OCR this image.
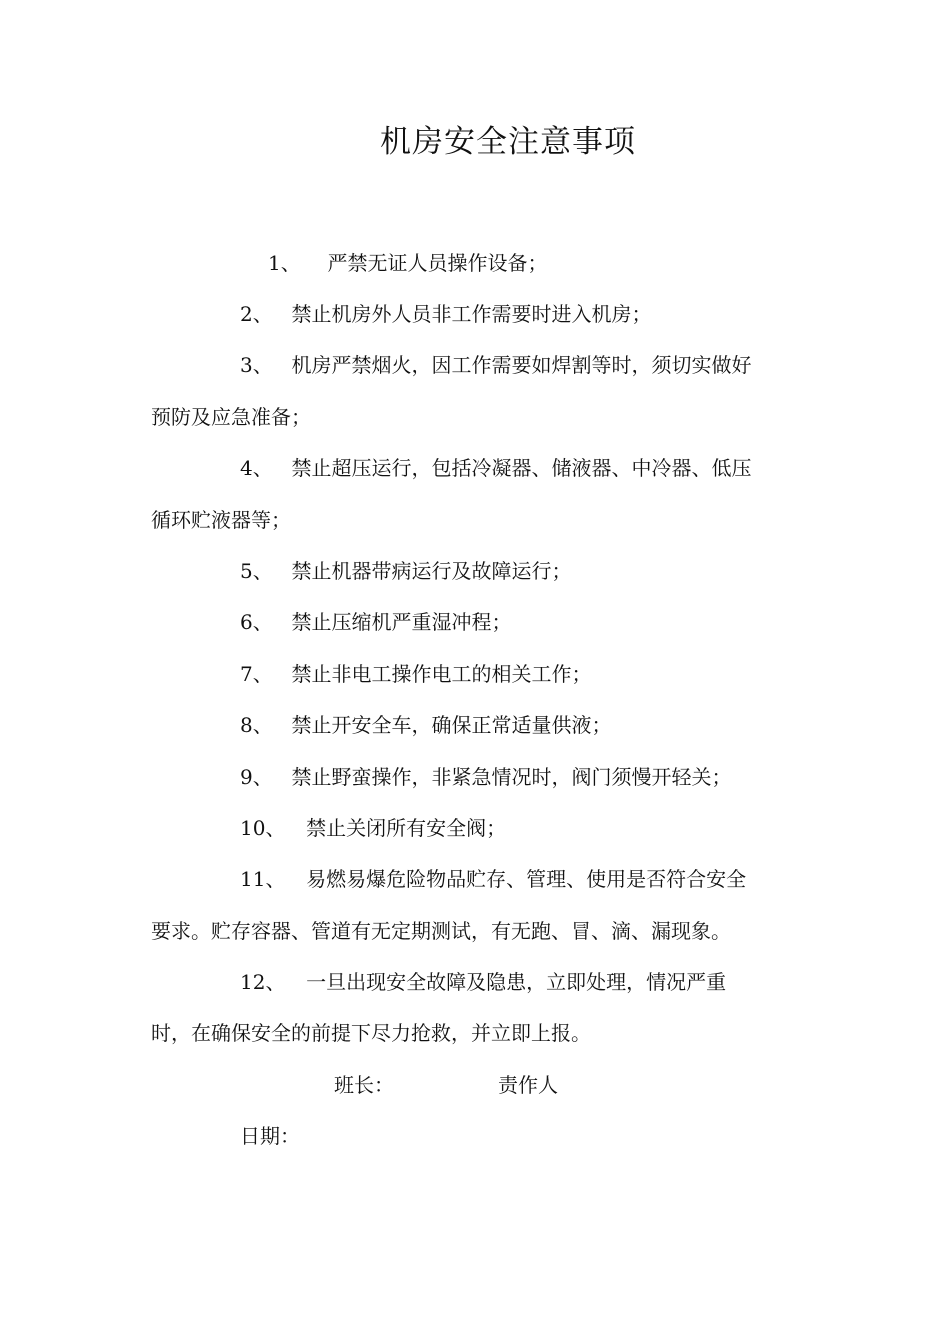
机房安全注意事项
1、 严禁无证人员操作设备；
2、 禁止机房外人员非工作需要时进入机房；
3、 机房严禁烟火，因工作需要如焊割等时，须切实做好
预防及应急准备；
4、 禁止超压运行，包括冷凝器、储液器、中冷器、低压
循环贮液器等；
5、 禁止机器带病运行及故障运行；
6、 禁止压缩机严重湿冲程；
7、 禁止非电工操作电工的相关工作；
8、 禁止开安全车，确保正常适量供液；
9、 禁止野蛮操作，非紧急情况时，阀门须慢开轻关；
10、 禁止关闭所有安全阀；
11、 易燃易爆危险物品贮存、管理、使用是否符合安全
要求。贮存容器、管道有无定期测试，有无跑、冒、滴、漏现象。
12、 一旦出现安全故障及隐患，立即处理，情况严重
时，在确保安全的前提下尽力抢救，并立即上报。
班长：	责作人
日期：
